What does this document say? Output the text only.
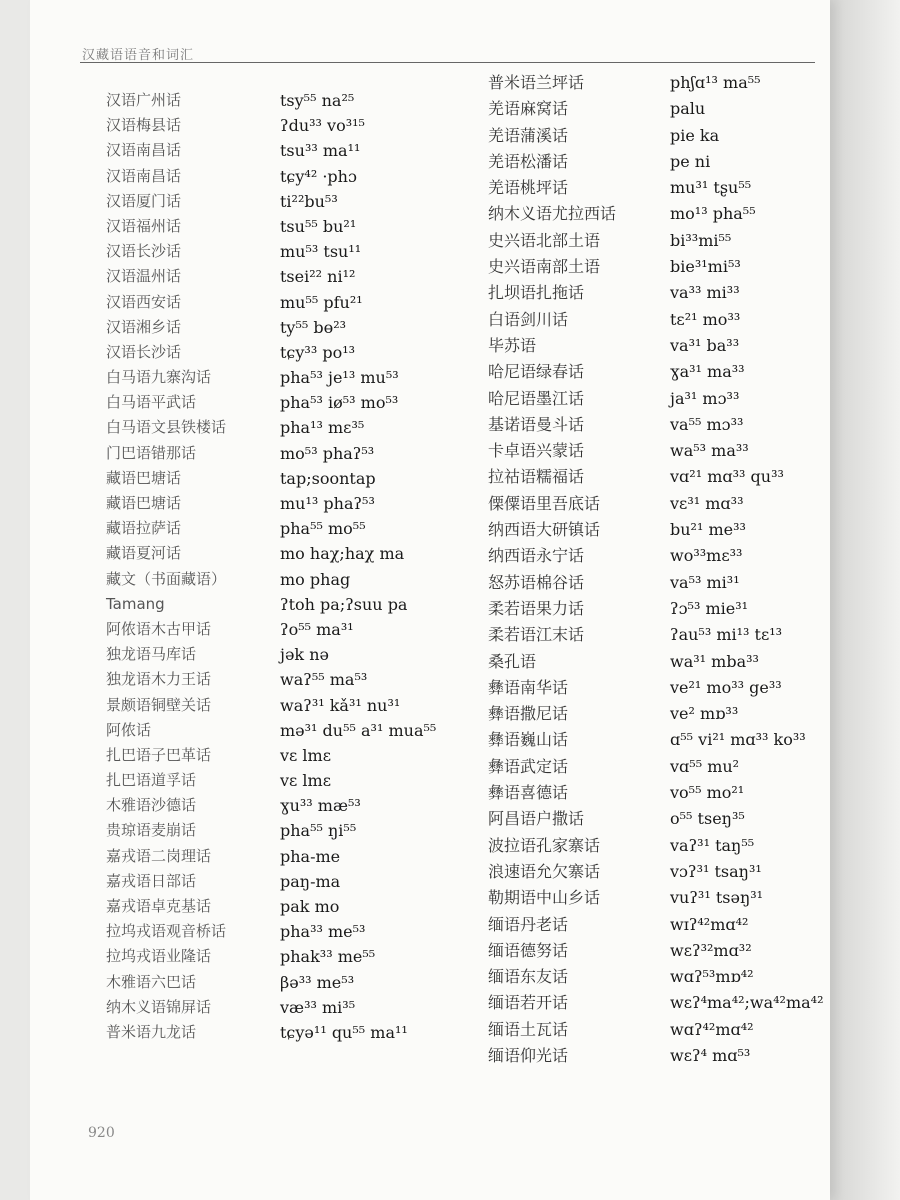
汉藏语语音和词汇
汉语广州话
汉语梅县话
汉语南昌话
汉语南昌话
汉语厦门话
汉语福州话
汉语长沙话
汉语温州话
汉语西安话
汉语湘乡话
汉语长沙话
白马语九寨沟话
白马语平武话
白马语文县铁楼话
门巴语错那话
藏语巴塘话
藏语巴塘话
藏语拉萨话
藏语夏河话
藏文（书面藏语）
Tamang
阿侬语木古甲话
独龙语马库话
独龙语木力王话
景颇语铜壁关话
阿侬话
扎巴语子巴革话
扎巴语道孚话
木雅语沙德话
贵琼语麦崩话
嘉戎语二岗理话
嘉戎语日部话
嘉戎语卓克基话
拉坞戎语观音桥话
拉坞戎语业隆话
木雅语六巴话
纳木义语锦屏话
普米语九龙话
tsy⁵⁵ na²⁵
ʔdu³³ vo³¹⁵
tsu³³ ma¹¹
tɕy⁴² ·phɔ
ti²²bu⁵³
tsu⁵⁵ bu²¹
mu⁵³ tsu¹¹
tsei²² ni¹²
mu⁵⁵ pfu²¹
ty⁵⁵ bɵ²³
tɕy³³ po¹³
pha⁵³ je¹³ mu⁵³
pha⁵³ iø⁵³ mo⁵³
pha¹³ mɛ³⁵
mo⁵³ phaʔ⁵³
tap;soontap
mu¹³ phaʔ⁵³
pha⁵⁵ mo⁵⁵
mo haχ;haχ ma
mo phag
ʔtoh pa;ʔsuu pa
ʔo⁵⁵ ma³¹
jək nə
waʔ⁵⁵ ma⁵³
waʔ³¹ kǎ³¹ nu³¹
mə³¹ du⁵⁵ a³¹ mua⁵⁵
vɛ lmɛ
vɛ lmɛ
ɣu³³ mæ⁵³
pha⁵⁵ ŋi⁵⁵
pha-me
paŋ-ma
pak mo
pha³³ me⁵³
phak³³ me⁵⁵
βə³³ me⁵³
væ³³ mi³⁵
tɕyə¹¹ qu⁵⁵ ma¹¹
普米语兰坪话
羌语麻窝话
羌语蒲溪话
羌语松潘话
羌语桃坪话
纳木义语尤拉西话
史兴语北部土语
史兴语南部土语
扎坝语扎拖话
白语剑川话
毕苏语
哈尼语绿春话
哈尼语墨江话
基诺语曼斗话
卡卓语兴蒙话
拉祜语糯福话
傈僳语里吾底话
纳西语大研镇话
纳西语永宁话
怒苏语棉谷话
柔若语果力话
柔若语江末话
桑孔语
彝语南华话
彝语撒尼话
彝语巍山话
彝语武定话
彝语喜德话
阿昌语户撒话
波拉语孔家寨话
浪速语允欠寨话
勒期语中山乡话
缅语丹老话
缅语德努话
缅语东友话
缅语若开话
缅语土瓦话
缅语仰光话
phʃɑ¹³ ma⁵⁵
palu
pie ka
pe ni
mu³¹ tʂu⁵⁵
mo¹³ pha⁵⁵
bi³³mi⁵⁵
bie³¹mi⁵³
va³³ mi³³
tɛ²¹ mo³³
va³¹ ba³³
ɣa³¹ ma³³
ja³¹ mɔ³³
va⁵⁵ mɔ³³
wa⁵³ ma³³
vɑ²¹ mɑ³³ qu³³
vɛ³¹ mɑ³³
bu²¹ me³³
wo³³mɛ³³
va⁵³ mi³¹
ʔɔ⁵³ mie³¹
ʔau⁵³ mi¹³ tɛ¹³
wa³¹ mba³³
ve²¹ mo³³ ge³³
ve² mɒ³³
ɑ⁵⁵ vi²¹ mɑ³³ ko³³
vɑ⁵⁵ mu²
vo⁵⁵ mo²¹
o⁵⁵ tseŋ³⁵
vaʔ³¹ taŋ⁵⁵
vɔʔ³¹ tsaŋ³¹
vuʔ³¹ tsəŋ³¹
wɪʔ⁴²mɑ⁴²
wɛʔ³²mɑ³²
wɑʔ⁵³mɒ⁴²
wɛʔ⁴ma⁴²;wa⁴²ma⁴²
wɑʔ⁴²mɑ⁴²
wɛʔ⁴ mɑ⁵³
920
